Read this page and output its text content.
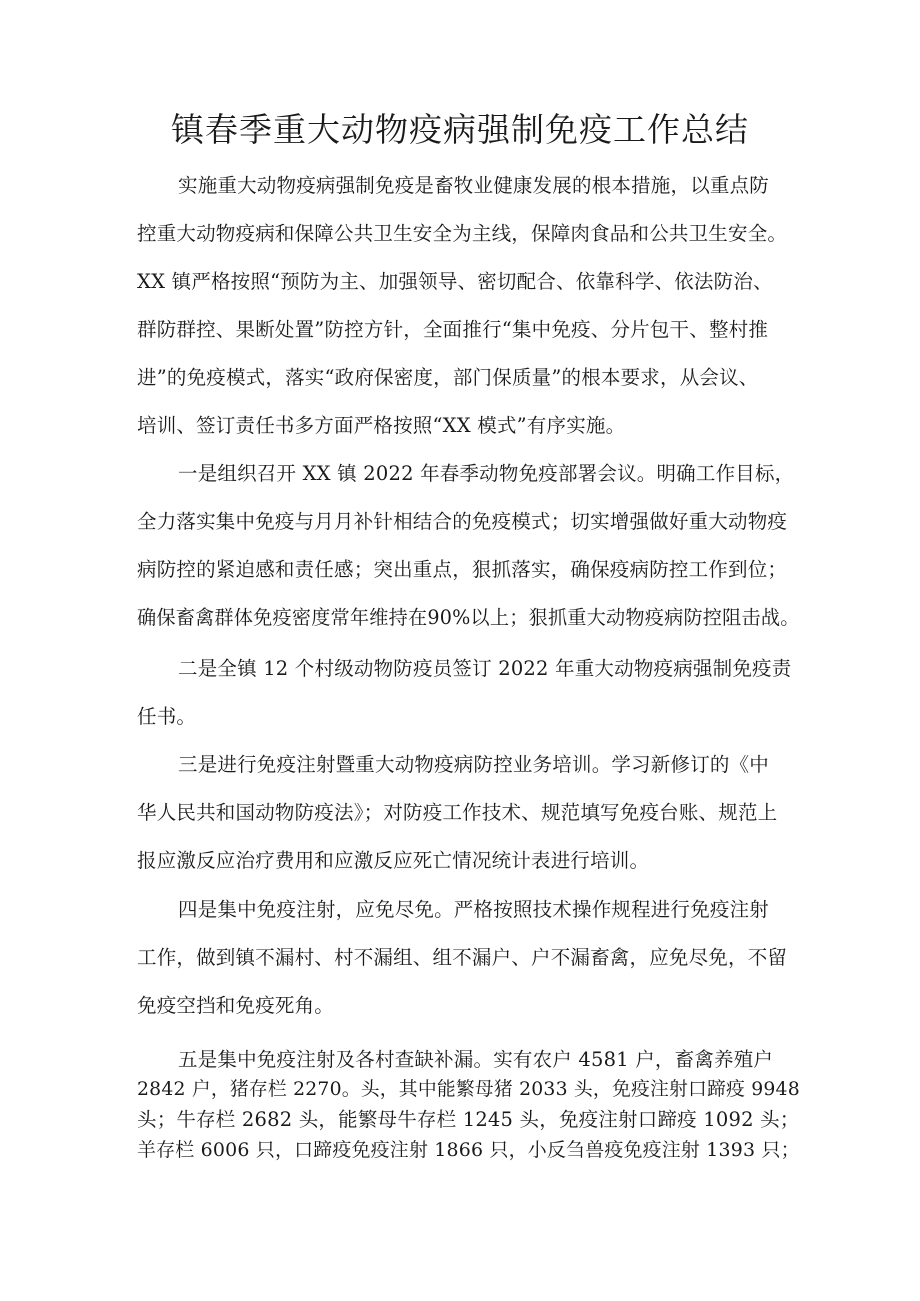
镇春季重大动物疫病强制免疫工作总结
实施重大动物疫病强制免疫是畜牧业健康发展的根本措施，以重点防
控重大动物疫病和保障公共卫生安全为主线，保障肉食品和公共卫生安全。
XX 镇严格按照“预防为主、加强领导、密切配合、依靠科学、依法防治、
群防群控、果断处置”防控方针，全面推行“集中免疫、分片包干、整村推
进”的免疫模式，落实“政府保密度，部门保质量”的根本要求，从会议、
培训、签订责任书多方面严格按照“XX 模式”有序实施。
一是组织召开 XX 镇 2022 年春季动物免疫部署会议。明确工作目标，
全力落实集中免疫与月月补针相结合的免疫模式；切实增强做好重大动物疫
病防控的紧迫感和责任感；突出重点，狠抓落实，确保疫病防控工作到位；
确保畜禽群体免疫密度常年维持在90%以上；狠抓重大动物疫病防控阻击战。
二是全镇 12 个村级动物防疫员签订 2022 年重大动物疫病强制免疫责
任书。
三是进行免疫注射暨重大动物疫病防控业务培训。学习新修订的《中
华人民共和国动物防疫法》；对防疫工作技术、规范填写免疫台账、规范上
报应激反应治疗费用和应激反应死亡情况统计表进行培训。
四是集中免疫注射，应免尽免。严格按照技术操作规程进行免疫注射
工作，做到镇不漏村、村不漏组、组不漏户、户不漏畜禽，应免尽免，不留
免疫空挡和免疫死角。
五是集中免疫注射及各村查缺补漏。实有农户 4581 户，畜禽养殖户
2842 户，猪存栏 2270。头，其中能繁母猪 2033 头，免疫注射口蹄疫 9948
头；牛存栏 2682 头，能繁母牛存栏 1245 头，免疫注射口蹄疫 1092 头；
羊存栏 6006 只，口蹄疫免疫注射 1866 只，小反刍兽疫免疫注射 1393 只；
